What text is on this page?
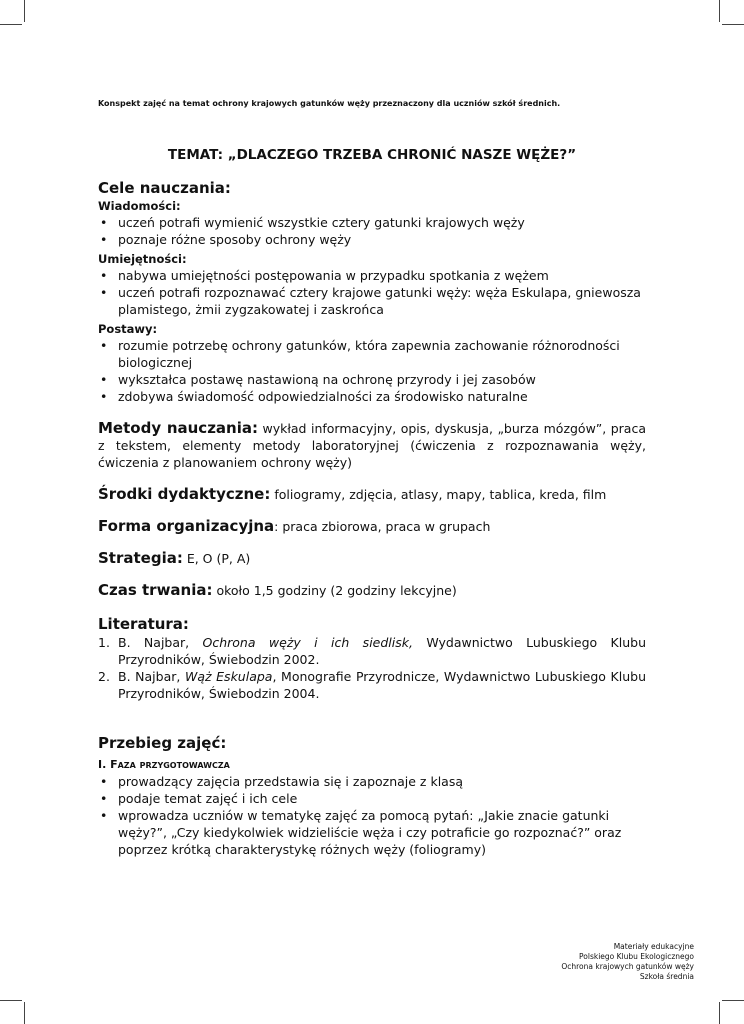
Konspekt zajęć na temat ochrony krajowych gatunków węży przeznaczony dla uczniów szkół średnich.
TEMAT: „DLACZEGO TRZEBA CHRONIĆ NASZE WĘŻE?”
Cele nauczania:

Wiadomości:

• uczeń potrafi wymienić wszystkie cztery gatunki krajowych węży
• poznaje różne sposoby ochrony węży

Umiejętności:

• nabywa umiejętności postępowania w przypadku spotkania z wężem
• uczeń potrafi rozpoznawać cztery krajowe gatunki węży: węża Eskulapa, gniewosza plamistego, żmii zygzakowatej i zaskrońca

Postawy:

• rozumie potrzebę ochrony gatunków, która zapewnia zachowanie różnorodności biologicznej
• wykształca postawę nastawioną na ochronę przyrody i jej zasobów
• zdobywa świadomość odpowiedzialności za środowisko naturalne
Metody nauczania: wykład informacyjny, opis, dyskusja, „burza mózgów”, praca z tekstem, elementy metody laboratoryjnej (ćwiczenia z rozpoznawania węży, ćwiczenia z planowaniem ochrony węży)
Środki dydaktyczne: foliogramy, zdjęcia, atlasy, mapy, tablica, kreda, film
Forma organizacyjna: praca zbiorowa, praca w grupach
Strategia: E, O (P, A)
Czas trwania: około 1,5 godziny (2 godziny lekcyjne)
Literatura:
1. B. Najbar, Ochrona węży i ich siedlisk, Wydawnictwo Lubuskiego Klubu Przyrodników, Świebodzin 2002.
2. B. Najbar, Wąż Eskulapa, Monografie Przyrodnicze, Wydawnictwo Lubuskiego Klubu Przyrodników, Świebodzin 2004.
Przebieg zajęć:

I. Faza przygotowawcza

• prowadzący zajęcia przedstawia się i zapoznaje z klasą
• podaje temat zajęć i ich cele
• wprowadza uczniów w tematykę zajęć za pomocą pytań: „Jakie znacie gatunki węży?”, „Czy kiedykolwiek widzieliście węża i czy potraficie go rozpoznać?” oraz poprzez krótką charakterystykę różnych węży (foliogramy)
Materiały edukacyjne
Polskiego Klubu Ekologicznego
Ochrona krajowych gatunków węży
Szkoła średnia
